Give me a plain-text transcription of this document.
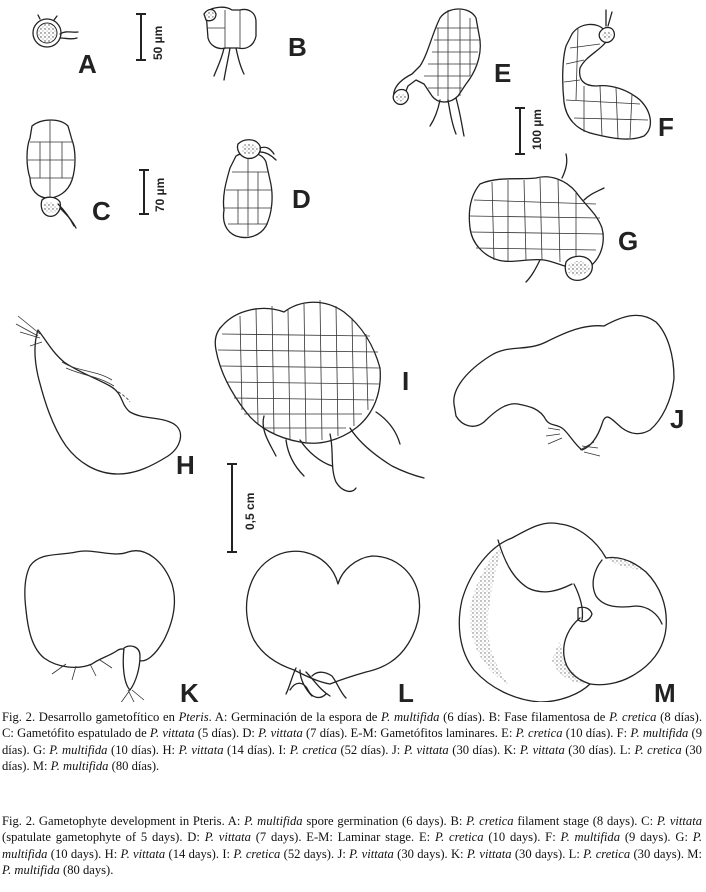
A
50 µm	B
C	70 µm	D
E
100 µm	F
G
H
I
0,5 cm
J
K	L	M
Fig. 2. Desarrollo gametofítico en Pteris. A: Germinación de la espora de P. multifida (6 días). B: Fase filamentosa de P. cretica (8 días). C: Gametófito espatulado de P. vittata (5 días). D: P. vittata (7 días). E-M: Gametófitos laminares. E: P. cretica (10 días). F: P. multifida (9 días). G: P. multifida (10 días). H: P. vittata (14 días). I: P. cretica (52 días). J: P. vittata (30 días). K: P. vittata (30 días). L: P. cretica (30 días). M: P. multifida (80 días).
Fig. 2. Gametophyte development in Pteris. A: P. multifida spore germination (6 days). B: P. cretica filament stage (8 days). C: P. vittata (spatulate gametophyte of 5 days). D: P. vittata (7 days). E-M: Laminar stage. E: P. cretica (10 days). F: P. multifida (9 days). G: P. multifida (10 days). H: P. vittata (14 days). I: P. cretica (52 days). J: P. vittata (30 days). K: P. vittata (30 days). L: P. cretica (30 days). M: P. multifida (80 days).
